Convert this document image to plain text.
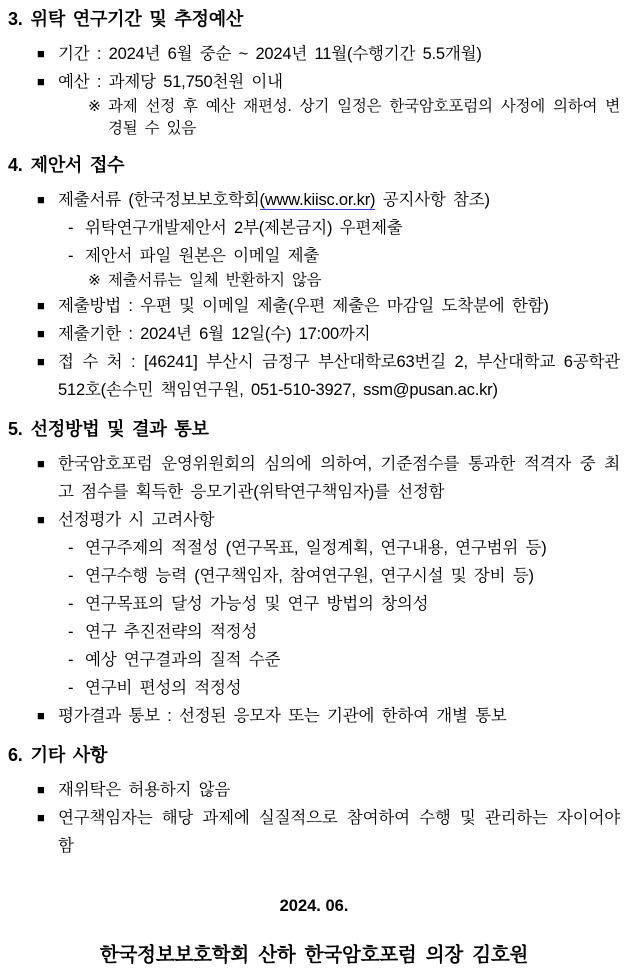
3. 위탁 연구기간 및 추정예산
■ 기간 : 2024년 6월 중순 ~ 2024년 11월(수행기간 5.5개월)
■ 예산 : 과제당 51,750천원 이내
※ 과제 선정 후 예산 재편성. 상기 일정은 한국암호포럼의 사정에 의하여 변경될 수 있음
4. 제안서 접수
■ 제출서류 (한국정보보호학회(www.kiisc.or.kr) 공지사항 참조)
- 위탁연구개발제안서 2부(제본금지) 우편제출
- 제안서 파일 원본은 이메일 제출
※ 제출서류는 일체 반환하지 않음
■ 제출방법 : 우편 및 이메일 제출(우편 제출은 마감일 도착분에 한함)
■ 제출기한 : 2024년 6월 12일(수) 17:00까지
■ 접 수 처 : [46241] 부산시 금정구 부산대학로63번길 2, 부산대학교 6공학관 512호(손수민 책임연구원, 051-510-3927, ssm@pusan.ac.kr)
5. 선정방법 및 결과 통보
■ 한국암호포럼 운영위원회의 심의에 의하여, 기준점수를 통과한 적격자 중 최고 점수를 획득한 응모기관(위탁연구책임자)를 선정함
■ 선정평가 시 고려사항
- 연구주제의 적절성 (연구목표, 일정계획, 연구내용, 연구범위 등)
- 연구수행 능력 (연구책임자, 참여연구원, 연구시설 및 장비 등)
- 연구목표의 달성 가능성 및 연구 방법의 창의성
- 연구 추진전략의 적정성
- 예상 연구결과의 질적 수준
- 연구비 편성의 적정성
■ 평가결과 통보 : 선정된 응모자 또는 기관에 한하여 개별 통보
6. 기타 사항
■ 재위탁은 허용하지 않음
■ 연구책임자는 해당 과제에 실질적으로 참여하여 수행 및 관리하는 자이어야 함
2024. 06.
한국정보보호학회 산하 한국암호포럼 의장 김호원
